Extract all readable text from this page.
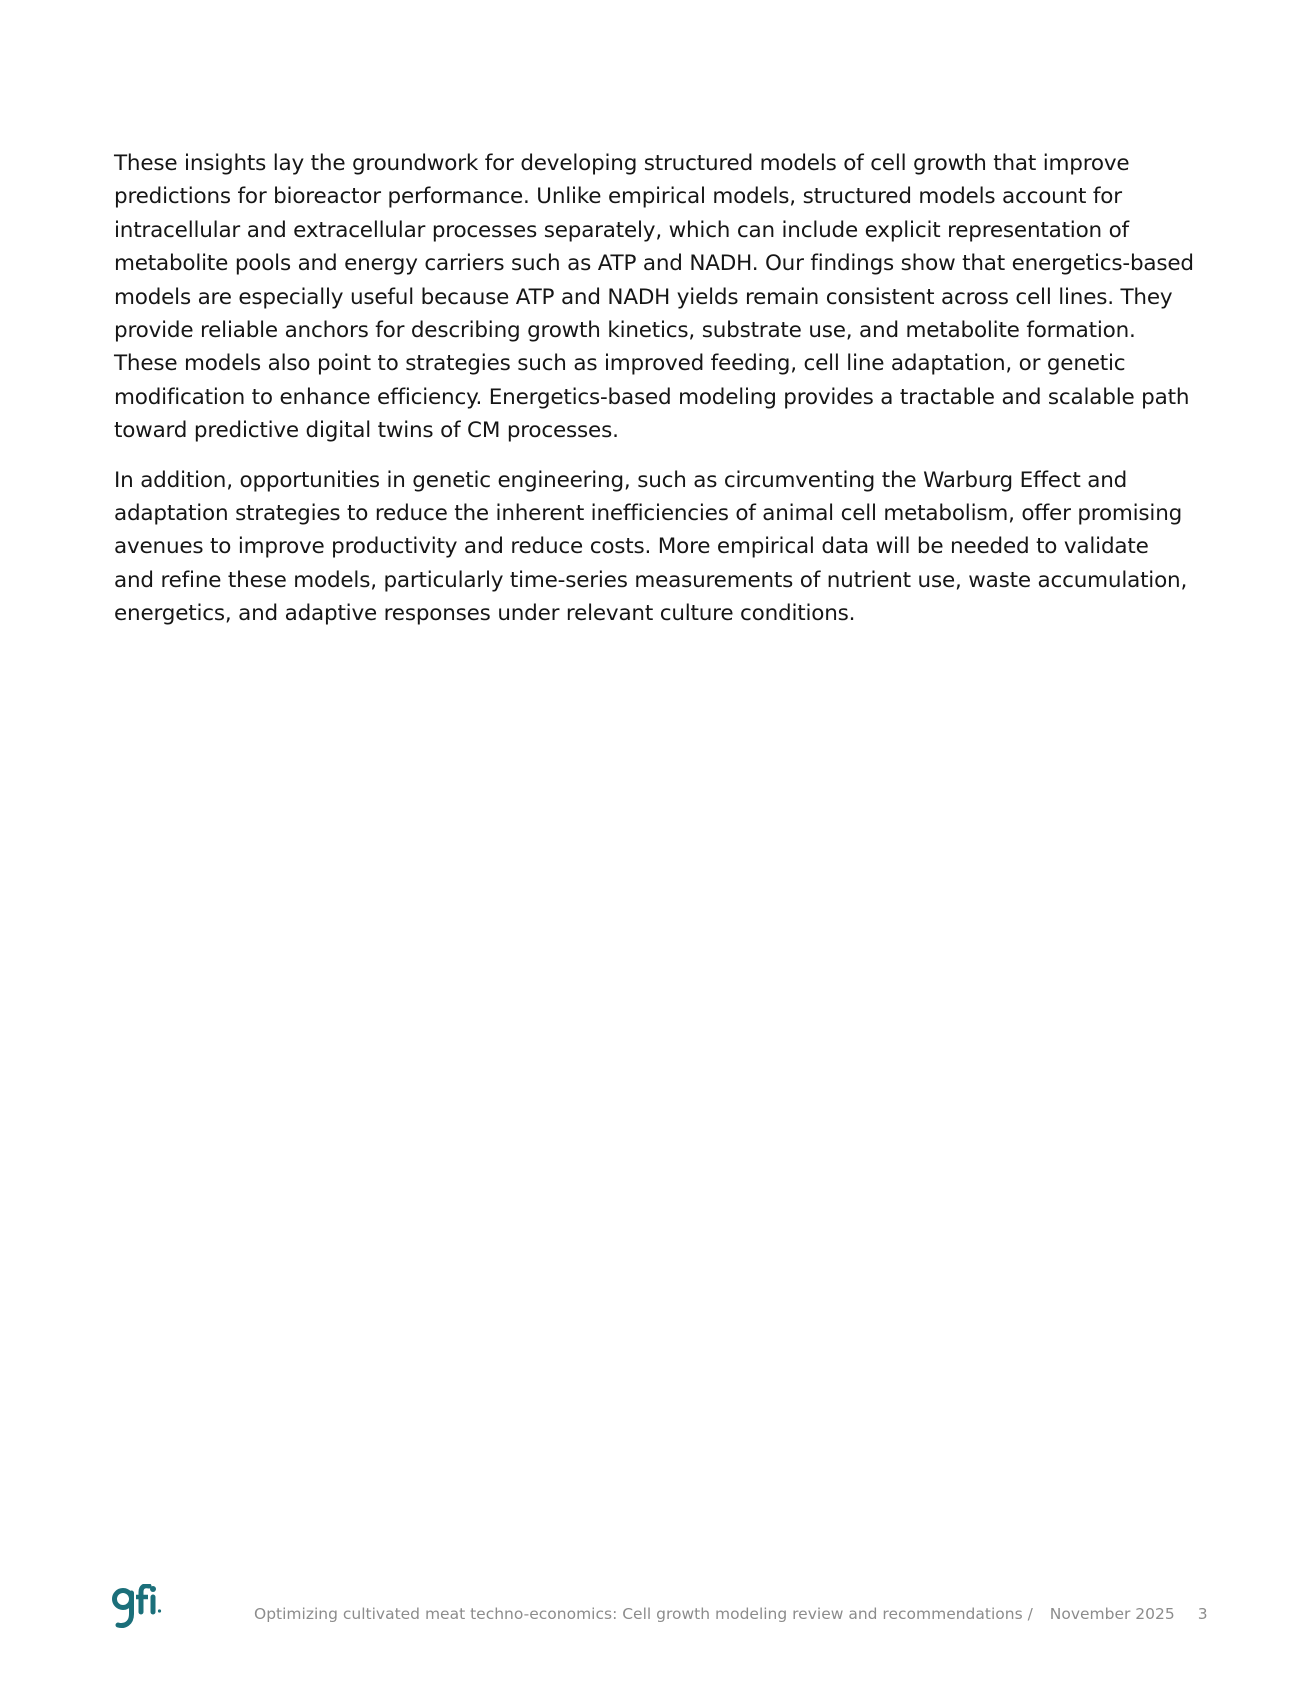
These insights lay the groundwork for developing structured models of cell growth that improve predictions for bioreactor performance. Unlike empirical models, structured models account for intracellular and extracellular processes separately, which can include explicit representation of metabolite pools and energy carriers such as ATP and NADH. Our findings show that energetics-based models are especially useful because ATP and NADH yields remain consistent across cell lines. They provide reliable anchors for describing growth kinetics, substrate use, and metabolite formation. These models also point to strategies such as improved feeding, cell line adaptation, or genetic modification to enhance efficiency. Energetics-based modeling provides a tractable and scalable path toward predictive digital twins of CM processes.

In addition, opportunities in genetic engineering, such as circumventing the Warburg Effect and adaptation strategies to reduce the inherent inefficiencies of animal cell metabolism, offer promising avenues to improve productivity and reduce costs. More empirical data will be needed to validate and refine these models, particularly time-series measurements of nutrient use, waste accumulation, energetics, and adaptive responses under relevant culture conditions.

Optimizing cultivated meat techno-economics: Cell growth modeling review and recommendations / November 2025 3
